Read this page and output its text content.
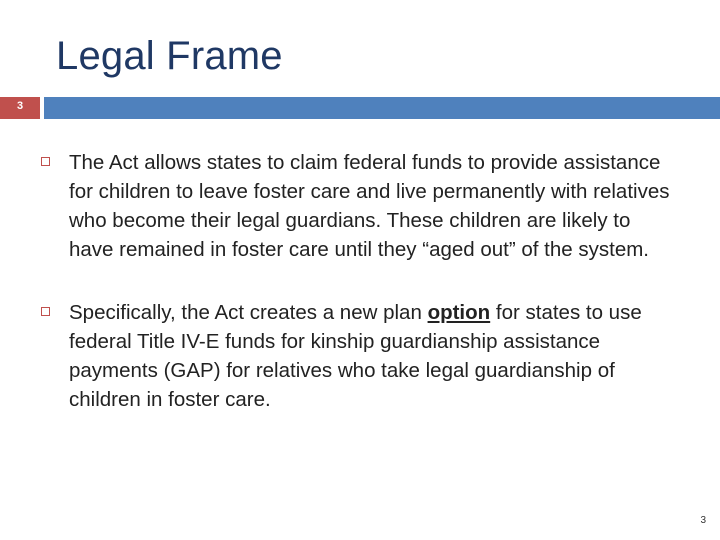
Legal Frame
3
The Act allows states to claim federal funds to provide assistance for children to leave foster care and live permanently with relatives who become their legal guardians. These children are likely to have remained in foster care until they “aged out” of the system.
Specifically, the Act creates a new plan option for states to use federal Title IV-E funds for kinship guardianship assistance payments (GAP) for relatives who take legal guardianship of children in foster care.
3
